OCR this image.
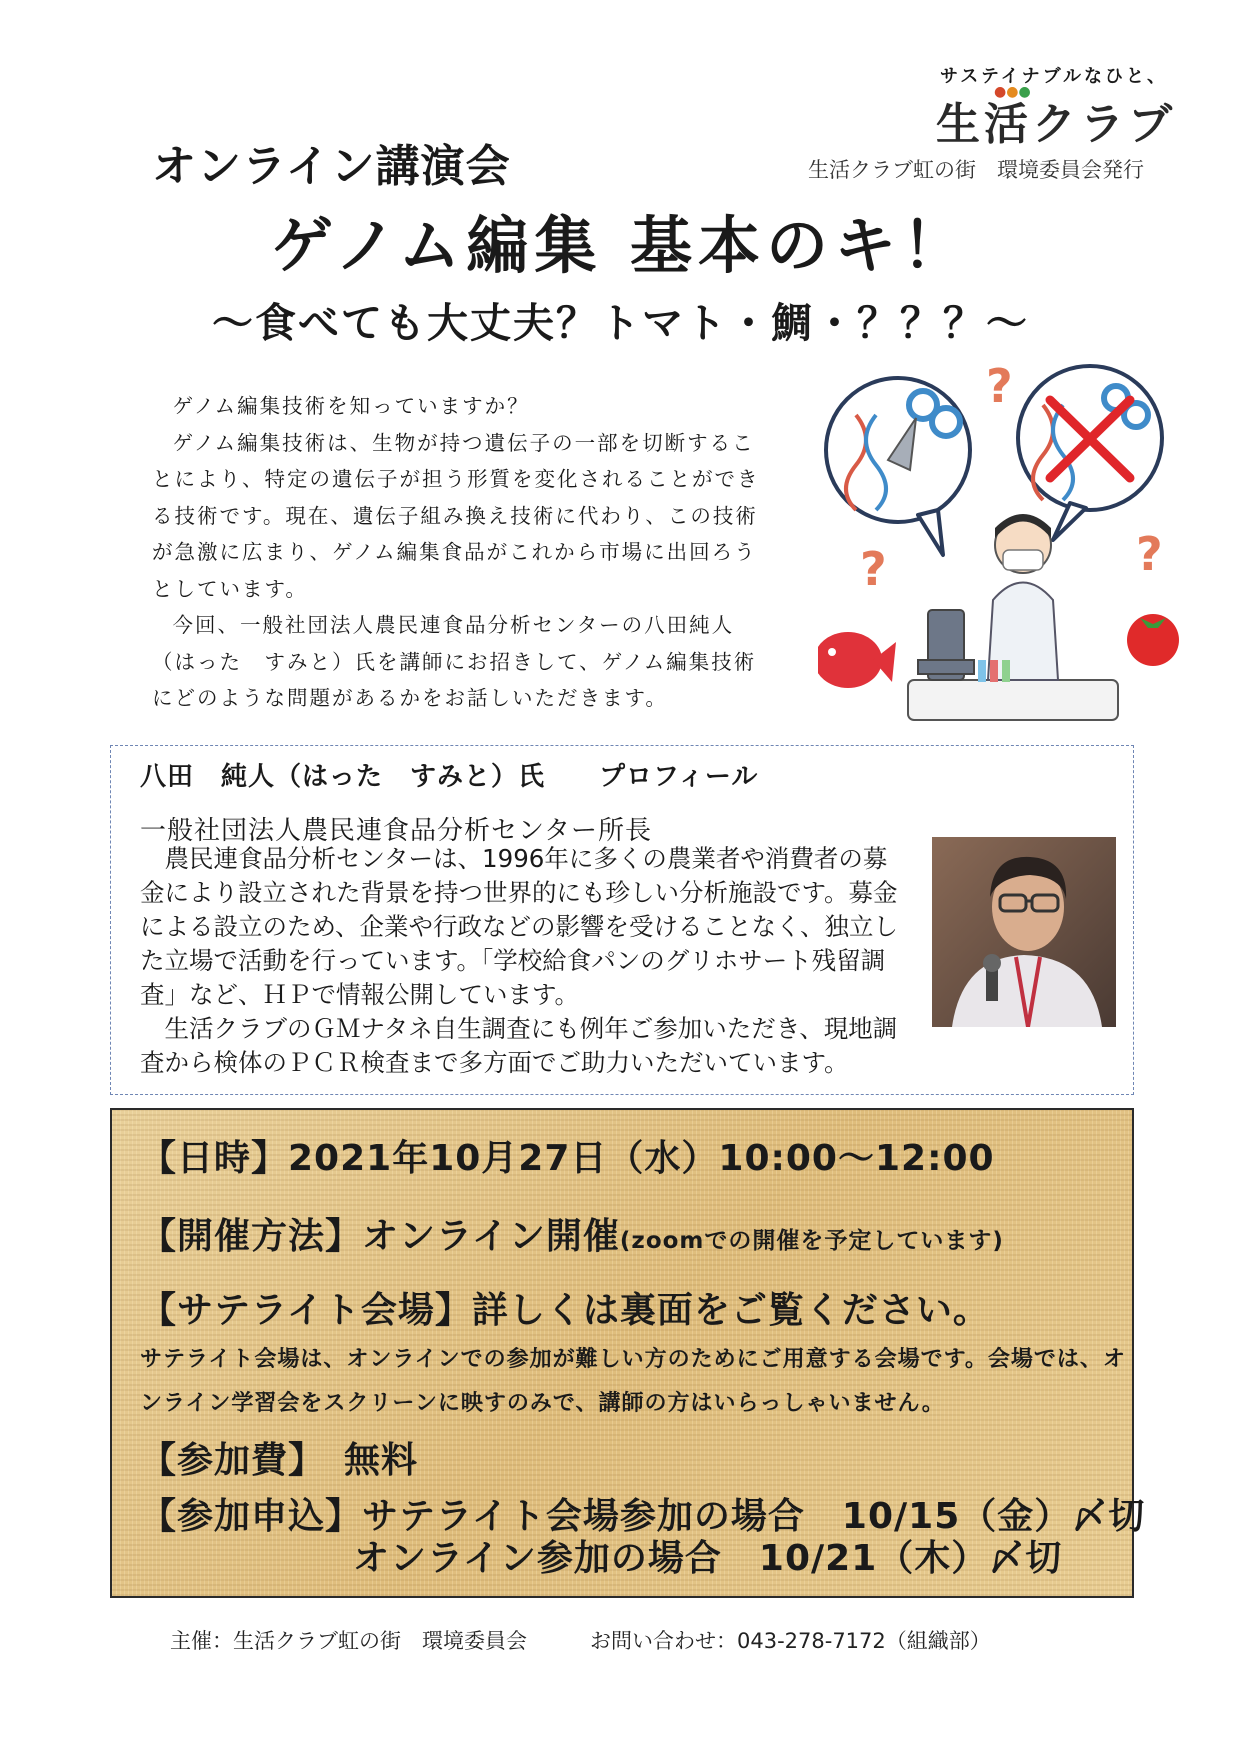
サステイナブルなひと、
生活クラブ
●●●
生活クラブ虹の街　環境委員会発行
オンライン講演会
ゲノム編集 基本のキ！
～食べても大丈夫？トマト・鯛・？？？～

ゲノム編集技術を知っていますか？

ゲノム編集技術は、生物が持つ遺伝子の一部を切断することにより、特定の遺伝子が担う形質を変化されることができる技術です。現在、遺伝子組み換え技術に代わり、この技術が急激に広まり、ゲノム編集食品がこれから市場に出回ろうとしています。

今回、一般社団法人農民連食品分析センターの八田純人（はった　すみと）氏を講師にお招きして、ゲノム編集技術にどのような問題があるかをお話しいただきます。

?
?	?
八田　純人（はった　すみと）氏　　プロフィール
一般社団法人農民連食品分析センター所長

農民連食品分析センターは、1996年に多くの農業者や消費者の募金により設立された背景を持つ世界的にも珍しい分析施設です。募金による設立のため、企業や行政などの影響を受けることなく、独立した立場で活動を行っています。「学校給食パンのグリホサート残留調査」など、ＨＰで情報公開しています。

生活クラブのＧＭナタネ自生調査にも例年ご参加いただき、現地調査から検体のＰＣＲ検査まで多方面でご助力いただいています。

【日時】2021年10月27日（水）10:00～12:00
【開催方法】オンライン開催(zoomでの開催を予定しています)
【サテライト会場】詳しくは裏面をご覧ください。
サテライト会場は、オンラインでの参加が難しい方のためにご用意する会場です。会場では、オンライン学習会をスクリーンに映すのみで、講師の方はいらっしゃいません。
【参加費】　無料
【参加申込】サテライト会場参加の場合　10/15（金）〆切
オンライン参加の場合　10/21（木）〆切
主催：生活クラブ虹の街　環境委員会　　　お問い合わせ：043-278-7172（組織部）
